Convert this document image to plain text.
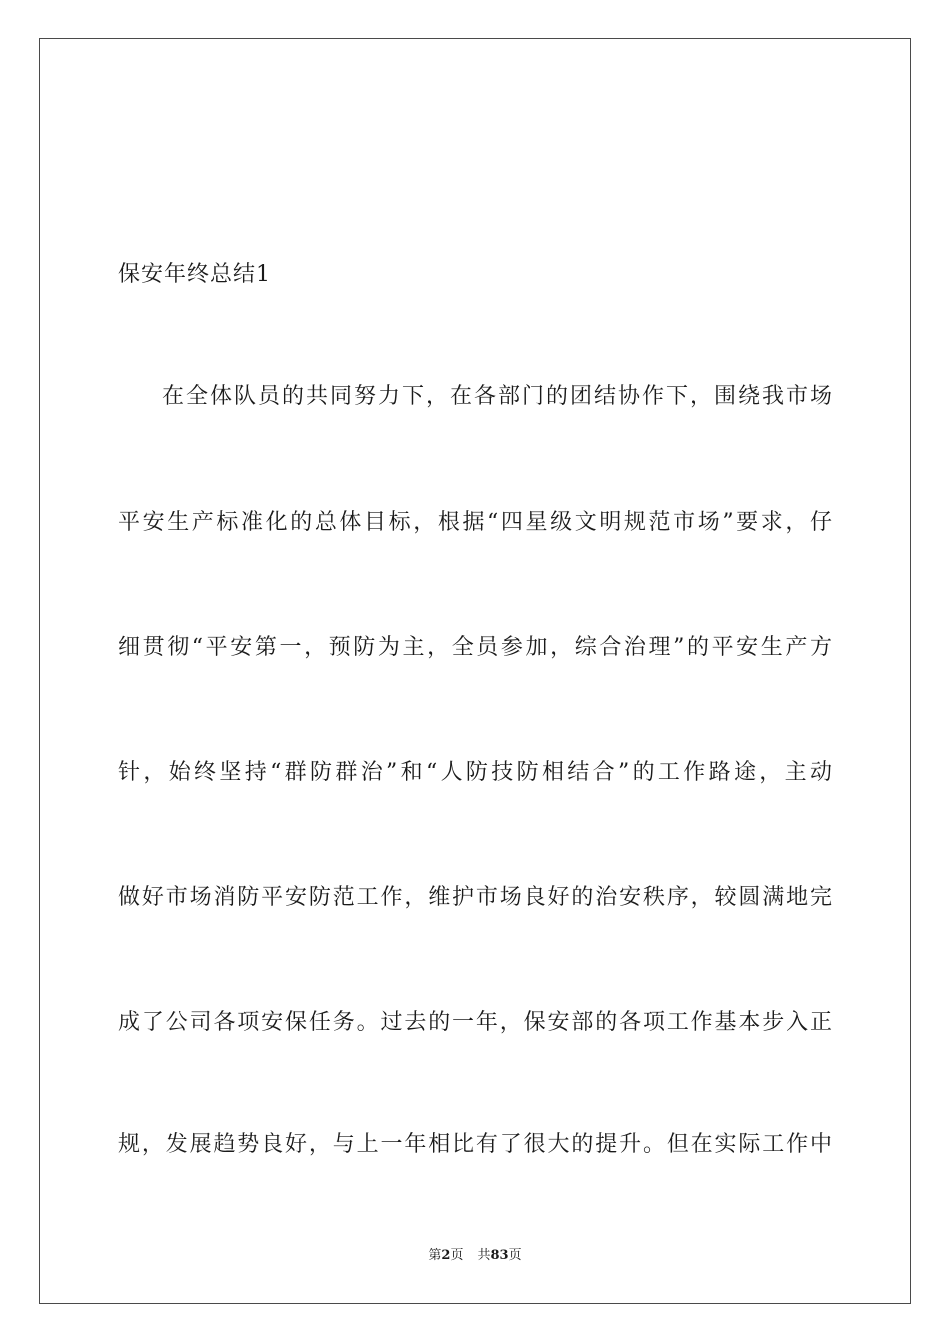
保安年终总结1
在全体队员的共同努力下，在各部门的团结协作下，围绕我市场
平安生产标准化的总体目标，根据“四星级文明规范市场”要求，仔
细贯彻“平安第一，预防为主，全员参加，综合治理”的平安生产方
针，始终坚持“群防群治”和“人防技防相结合”的工作路途，主动
做好市场消防平安防范工作，维护市场良好的治安秩序，较圆满地完
成了公司各项安保任务。过去的一年，保安部的各项工作基本步入正
规，发展趋势良好，与上一年相比有了很大的提升。但在实际工作中
第2页 共83页
